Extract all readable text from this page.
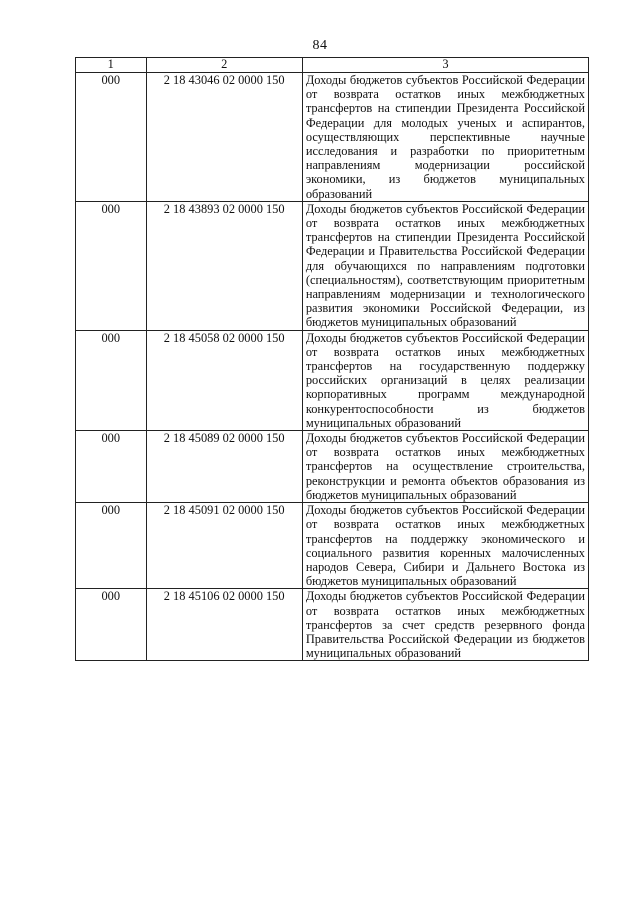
84
1	2	3
000	2 18 43046 02 0000 150	Доходы бюджетов субъектов Российской Федерации от возврата остатков иных межбюджетных трансфертов на стипендии Президента Российской Федерации для молодых ученых и аспирантов, осуществляющих перспективные научные исследования и разработки по приоритетным направлениям модернизации российской экономики, из бюджетов муниципальных образований
000	2 18 43893 02 0000 150	Доходы бюджетов субъектов Российской Федерации от возврата остатков иных межбюджетных трансфертов на стипендии Президента Российской Федерации и Правительства Российской Федерации для обучающихся по направлениям подготовки (специальностям), соответствующим приоритетным направлениям модернизации и технологического развития экономики Российской Федерации, из бюджетов муниципальных образований
000	2 18 45058 02 0000 150	Доходы бюджетов субъектов Российской Федерации от возврата остатков иных межбюджетных трансфертов на государственную поддержку российских организаций в целях реализации корпоративных программ международной конкурентоспособности из бюджетов муниципальных образований
000	2 18 45089 02 0000 150	Доходы бюджетов субъектов Российской Федерации от возврата остатков иных межбюджетных трансфертов на осуществление строительства, реконструкции и ремонта объектов образования из бюджетов муниципальных образований
000	2 18 45091 02 0000 150	Доходы бюджетов субъектов Российской Федерации от возврата остатков иных межбюджетных трансфертов на поддержку экономического и социального развития коренных малочисленных народов Севера, Сибири и Дальнего Востока из бюджетов муниципальных образований
000	2 18 45106 02 0000 150	Доходы бюджетов субъектов Российской Федерации от возврата остатков иных межбюджетных трансфертов за счет средств резервного фонда Правительства Российской Федерации из бюджетов муниципальных образований
